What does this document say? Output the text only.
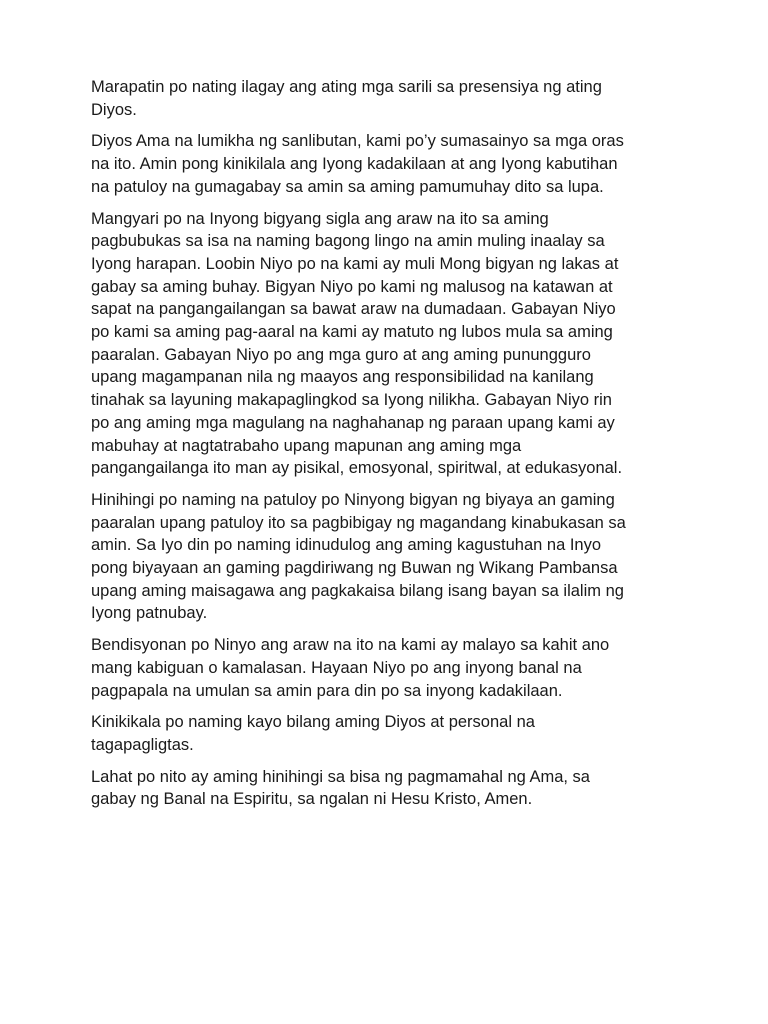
Marapatin po nating ilagay ang ating mga sarili sa presensiya ng ating
Diyos.

Diyos Ama na lumikha ng sanlibutan, kami po’y sumasainyo sa mga oras
na ito. Amin pong kinikilala ang Iyong kadakilaan at ang Iyong kabutihan
na patuloy na gumagabay sa amin sa aming pamumuhay dito sa lupa.

Mangyari po na Inyong bigyang sigla ang araw na ito sa aming
pagbubukas sa isa na naming bagong lingo na amin muling inaalay sa
Iyong harapan. Loobin Niyo po na kami ay muli Mong bigyan ng lakas at
gabay sa aming buhay. Bigyan Niyo po kami ng malusog na katawan at
sapat na pangangailangan sa bawat araw na dumadaan. Gabayan Niyo
po kami sa aming pag-aaral na kami ay matuto ng lubos mula sa aming
paaralan. Gabayan Niyo po ang mga guro at ang aming punungguro
upang magampanan nila ng maayos ang responsibilidad na kanilang
tinahak sa layuning makapaglingkod sa Iyong nilikha. Gabayan Niyo rin
po ang aming mga magulang na naghahanap ng paraan upang kami ay
mabuhay at nagtatrabaho upang mapunan ang aming mga
pangangailanga ito man ay pisikal, emosyonal, spiritwal, at edukasyonal.

Hinihingi po naming na patuloy po Ninyong bigyan ng biyaya an gaming
paaralan upang patuloy ito sa pagbibigay ng magandang kinabukasan sa
amin. Sa Iyo din po naming idinudulog ang aming kagustuhan na Inyo
pong biyayaan an gaming pagdiriwang ng Buwan ng Wikang Pambansa
upang aming maisagawa ang pagkakaisa bilang isang bayan sa ilalim ng
Iyong patnubay.

Bendisyonan po Ninyo ang araw na ito na kami ay malayo sa kahit ano
mang kabiguan o kamalasan. Hayaan Niyo po ang inyong banal na
pagpapala na umulan sa amin para din po sa inyong kadakilaan.

Kinikikala po naming kayo bilang aming Diyos at personal na
tagapagligtas.

Lahat po nito ay aming hinihingi sa bisa ng pagmamahal ng Ama, sa
gabay ng Banal na Espiritu, sa ngalan ni Hesu Kristo, Amen.
